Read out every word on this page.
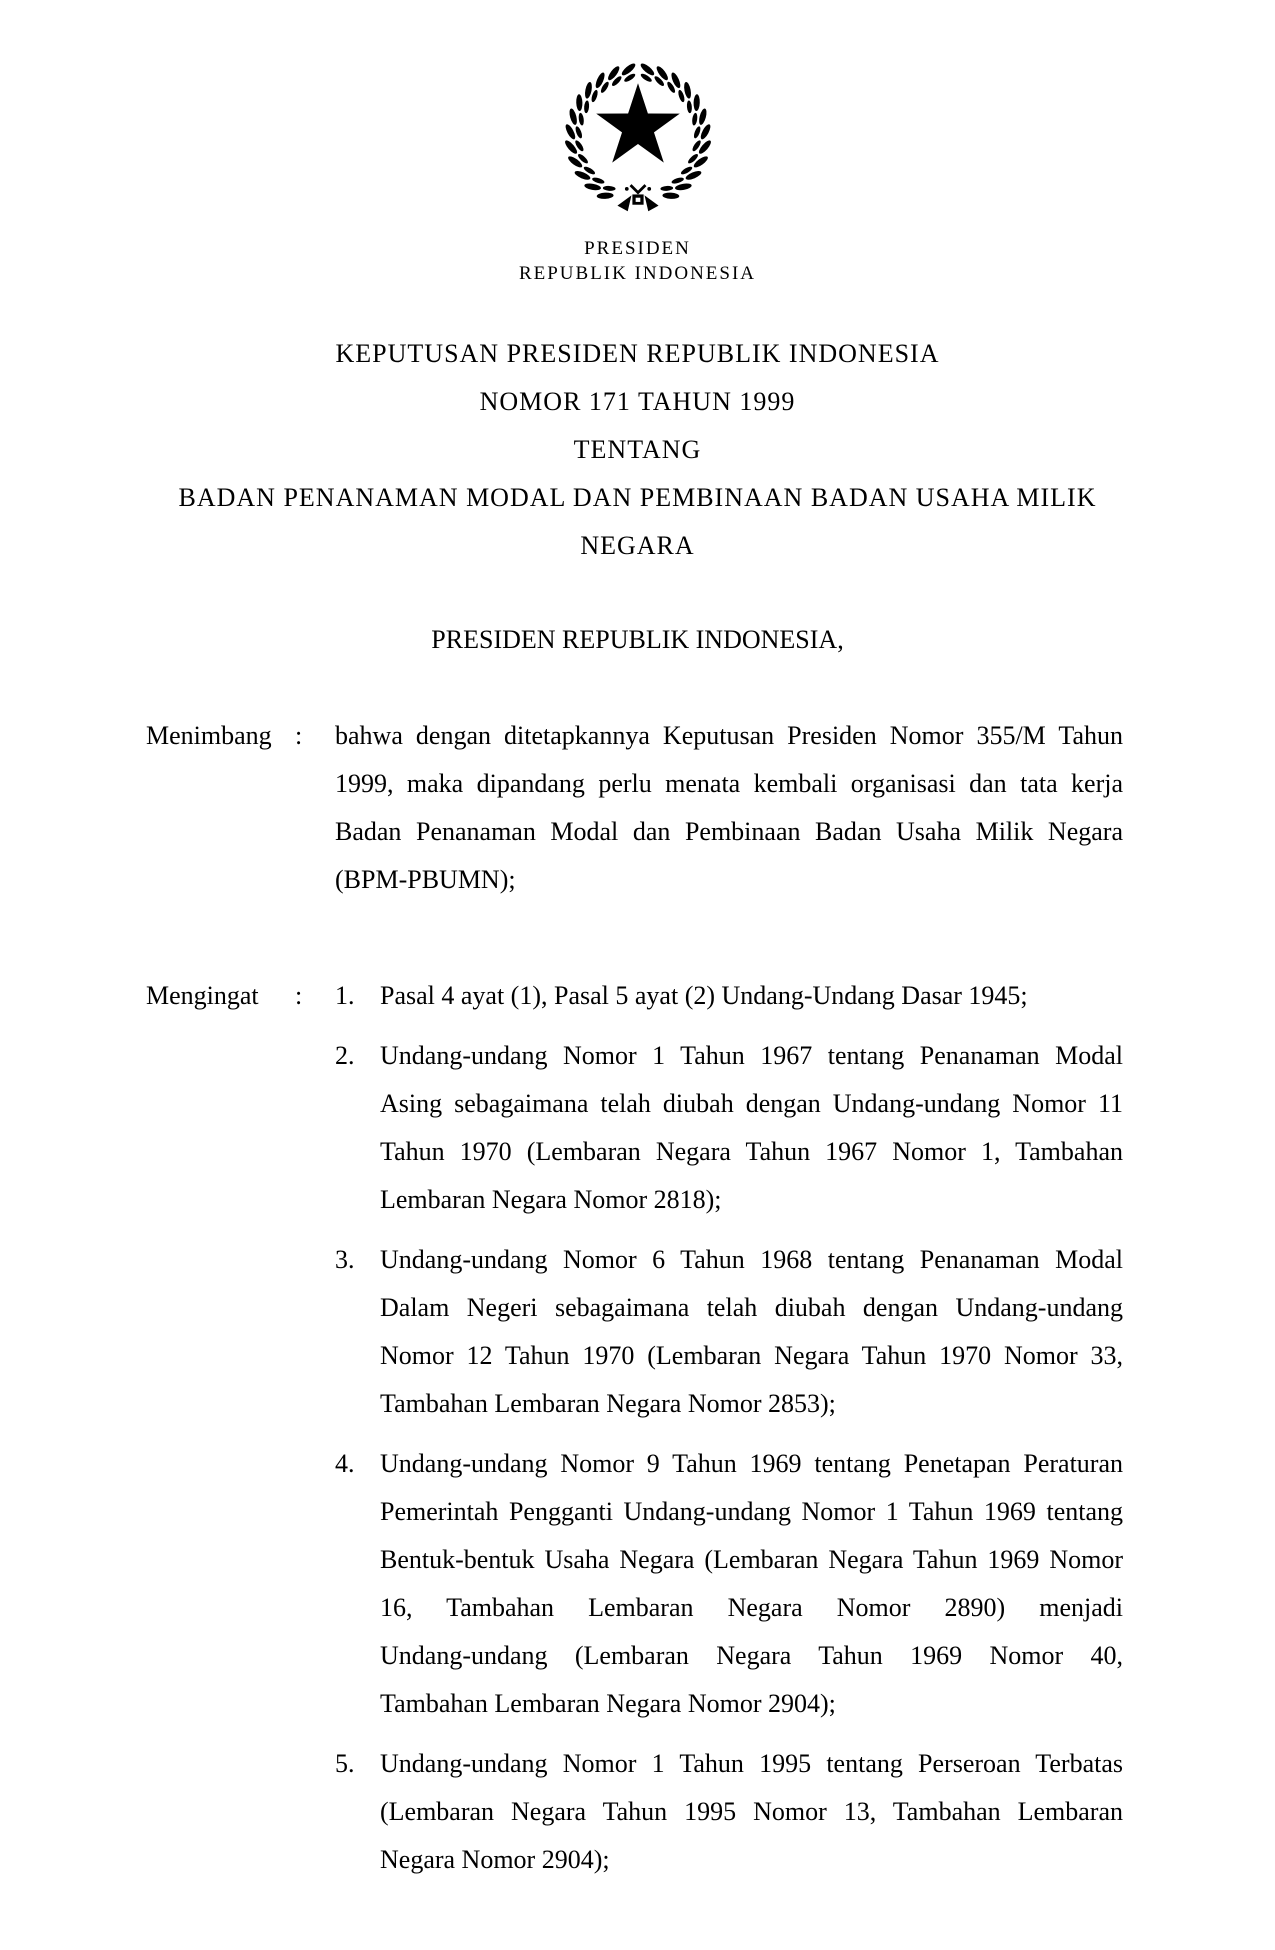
PRESIDEN
REPUBLIK INDONESIA
KEPUTUSAN PRESIDEN REPUBLIK INDONESIA
NOMOR 171 TAHUN 1999
TENTANG
BADAN PENANAMAN MODAL DAN PEMBINAAN BADAN USAHA MILIK
NEGARA
PRESIDEN REPUBLIK INDONESIA,
Menimbang :	bahwa dengan ditetapkannya Keputusan Presiden Nomor 355/M Tahun
1999, maka dipandang perlu menata kembali organisasi dan tata kerja
Badan Penanaman Modal dan Pembinaan Badan Usaha Milik Negara
(BPM-PBUMN);
Mengingat	:	1. Pasal 4 ayat (1), Pasal 5 ayat (2) Undang-Undang Dasar 1945;
2. Undang-undang Nomor 1 Tahun 1967 tentang Penanaman Modal
Asing sebagaimana telah diubah dengan Undang-undang Nomor 11
Tahun 1970 (Lembaran Negara Tahun 1967 Nomor 1, Tambahan
Lembaran Negara Nomor 2818);
3. Undang-undang Nomor 6 Tahun 1968 tentang Penanaman Modal
Dalam Negeri sebagaimana telah diubah dengan Undang-undang
Nomor 12 Tahun 1970 (Lembaran Negara Tahun 1970 Nomor 33,
Tambahan Lembaran Negara Nomor 2853);
4. Undang-undang Nomor 9 Tahun 1969 tentang Penetapan Peraturan
Pemerintah Pengganti Undang-undang Nomor 1 Tahun 1969 tentang
Bentuk-bentuk Usaha Negara (Lembaran Negara Tahun 1969 Nomor
16, Tambahan Lembaran Negara Nomor 2890) menjadi
Undang-undang (Lembaran Negara Tahun 1969 Nomor 40,
Tambahan Lembaran Negara Nomor 2904);
5. Undang-undang Nomor 1 Tahun 1995 tentang Perseroan Terbatas
(Lembaran Negara Tahun 1995 Nomor 13, Tambahan Lembaran
Negara Nomor 2904);
